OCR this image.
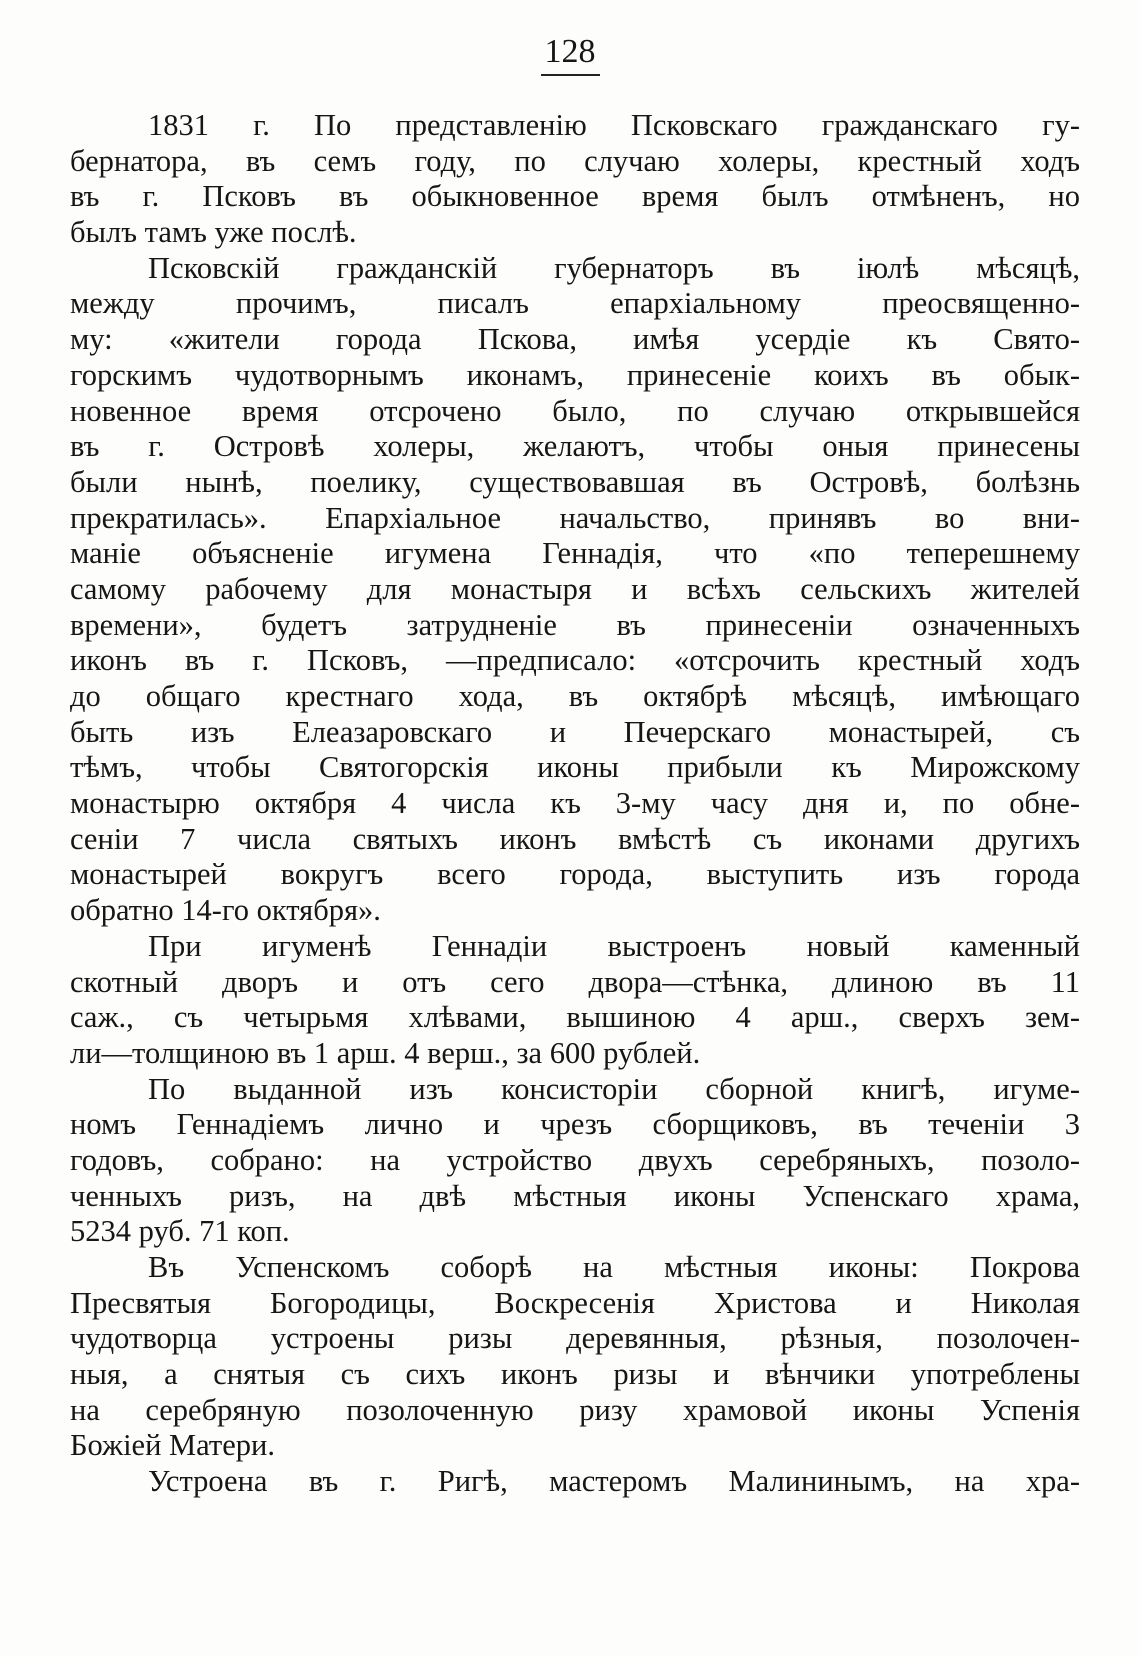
128
1831 г. По представленію Псковскаго гражданскаго гу-
бернатора, въ семъ году, по случаю холеры, крестный ходъ
въ г. Псковъ въ обыкновенное время былъ отмѣненъ, но
былъ тамъ уже послѣ.
Псковскій гражданскій губернаторъ въ іюлѣ мѣсяцѣ,
между прочимъ, писалъ епархіальному преосвященно-
му: «жители города Пскова, имѣя усердіе къ Свято-
горскимъ чудотворнымъ иконамъ, принесеніе коихъ въ обык-
новенное время отсрочено было, по случаю открывшейся
въ г. Островѣ холеры, желаютъ, чтобы оныя принесены
были нынѣ, поелику, существовавшая въ Островѣ, болѣзнь
прекратилась». Епархіальное начальство, принявъ во вни-
маніе объясненіе игумена Геннадія, что «по теперешнему
самому рабочему для монастыря и всѣхъ сельскихъ жителей
времени», будетъ затрудненіе въ принесеніи означенныхъ
иконъ въ г. Псковъ, —предписало: «отсрочить крестный ходъ
до общаго крестнаго хода, въ октябрѣ мѣсяцѣ, имѣющаго
быть изъ Елеазаровскаго и Печерскаго монастырей, съ
тѣмъ, чтобы Святогорскія иконы прибыли къ Мирожскому
монастырю октября 4 числа къ 3-му часу дня и, по обне-
сеніи 7 числа святыхъ иконъ вмѣстѣ съ иконами другихъ
монастырей вокругъ всего города, выступить изъ города
обратно 14-го октября».
При игуменѣ Геннадіи выстроенъ новый каменный
скотный дворъ и отъ сего двора—стѣнка, длиною въ 11
саж., съ четырьмя хлѣвами, вышиною 4 арш., сверхъ зем-
ли—толщиною въ 1 арш. 4 верш., за 600 рублей.
По выданной изъ консисторіи сборной книгѣ, игуме-
номъ Геннадіемъ лично и чрезъ сборщиковъ, въ теченіи 3
годовъ, собрано: на устройство двухъ серебряныхъ, позоло-
ченныхъ ризъ, на двѣ мѣстныя иконы Успенскаго храма,
5234 руб. 71 коп.
Въ Успенскомъ соборѣ на мѣстныя иконы: Покрова
Пресвятыя Богородицы, Воскресенія Христова и Николая
чудотворца устроены ризы деревянныя, рѣзныя, позолочен-
ныя, а снятыя съ сихъ иконъ ризы и вѣнчики употреблены
на серебряную позолоченную ризу храмовой иконы Успенія
Божіей Матери.
Устроена въ г. Ригѣ, мастеромъ Малининымъ, на хра-
